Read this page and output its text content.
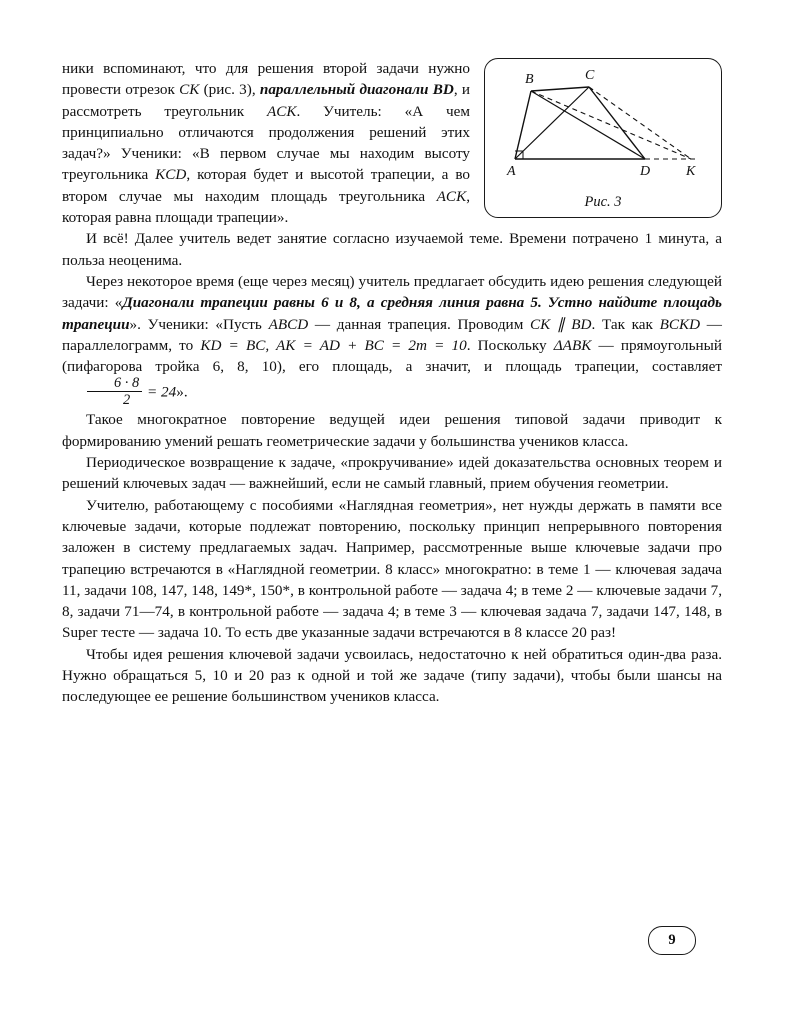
A
B	C
D	K
Рис. 3

ники вспоминают, что для решения второй задачи нужно провести отрезок CK (рис. 3), параллельный диагонали BD, и рассмотреть треугольник ACK. Учитель: «А чем принципиально отличаются продолжения решений этих задач?» Ученики: «В первом случае мы находим высоту треугольника KCD, которая будет и высотой трапеции, а во втором случае мы находим площадь треугольника ACK, которая равна площади трапеции».

И всё! Далее учитель ведет занятие согласно изучаемой теме. Времени потрачено 1 минута, а польза неоценима.

Через некоторое время (еще через месяц) учитель предлагает обсудить идею решения следующей задачи: «Диагонали трапеции равны 6 и 8, а средняя линия равна 5. Устно найдите площадь трапеции». Ученики: «Пусть ABCD — данная трапеция. Проводим CK ∥ BD. Так как BCKD — параллелограмм, то KD = BC, AK = AD + BC = 2m = 10. Поскольку ΔABK — прямоугольный (пифагорова тройка 6, 8, 10), его площадь, а значит, и площадь трапеции, составляет
$\frac{6 \cdot 8}{2} = 24$».

Такое многократное повторение ведущей идеи решения типовой задачи приводит к формированию умений решать геометрические задачи у большинства учеников класса.

Периодическое возвращение к задаче, «прокручивание» идей доказательства основных теорем и решений ключевых задач — важнейший, если не самый главный, прием обучения геометрии.

Учителю, работающему с пособиями «Наглядная геометрия», нет нужды держать в памяти все ключевые задачи, которые подлежат повторению, поскольку принцип непрерывного повторения заложен в систему предлагаемых задач. Например, рассмотренные выше ключевые задачи про трапецию встречаются в «Наглядной геометрии. 8 класс» многократно: в теме 1 — ключевая задача 11, задачи 108, 147, 148, 149*, 150*, в контрольной работе — задача 4; в теме 2 — ключевые задачи 7, 8, задачи 71—74, в контрольной работе — задача 4; в теме 3 — ключевая задача 7, задачи 147, 148, в Super тесте — задача 10. То есть две указанные задачи встречаются в 8 классе 20 раз!

Чтобы идея решения ключевой задачи усвоилась, недостаточно к ней обратиться один-два раза. Нужно обращаться 5, 10 и 20 раз к одной и той же задаче (типу задачи), чтобы были шансы на последующее ее решение большинством учеников класса.

9
